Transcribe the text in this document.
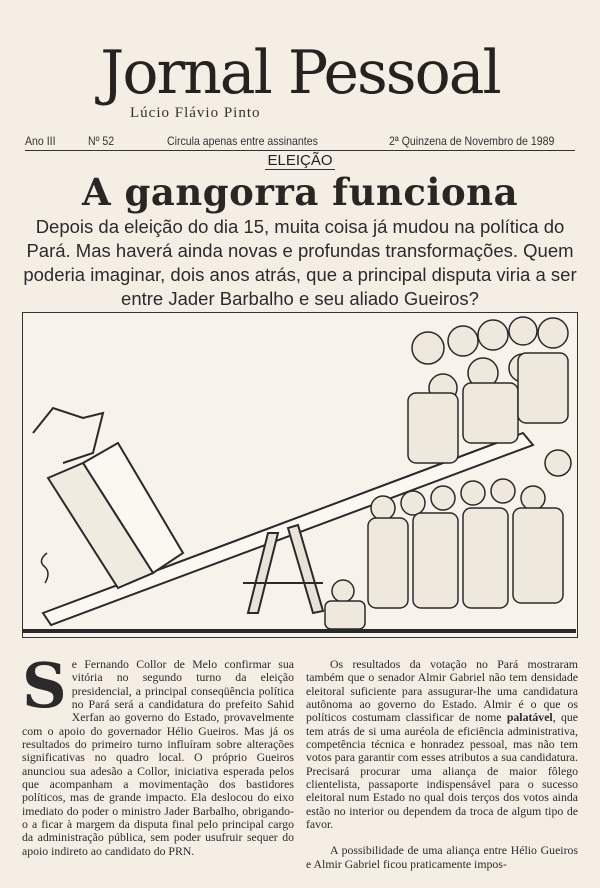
Jornal Pessoal
Lúcio Flávio Pinto
Ano III	Nº 52	Circula apenas entre assinantes	2ª Quinzena de Novembro de 1989
ELEIÇÃO
A gangorra funciona
Depois da eleição do dia 15, muita coisa já mudou na política do Pará. Mas haverá ainda novas e profundas transformações. Quem poderia imaginar, dois anos atrás, que a principal disputa viria a ser entre Jader Barbalho e seu aliado Gueiros?

Se Fernando Collor de Melo confirmar sua vitória no segundo turno da eleição presidencial, a principal conseqüência política no Pará será a candidatura do prefeito Sahid Xerfan ao governo do Estado, provavelmente com o apoio do governador Hélio Gueiros. Mas já os resultados do primeiro turno influíram sobre alterações significativas no quadro local. O próprio Gueiros anunciou sua adesão a Collor, iniciativa esperada pelos que acompanham a movimentação dos bastidores políticos, mas de grande impacto. Ela deslocou do eixo imediato do poder o ministro Jader Barbalho, obrigando-o a ficar à margem da disputa final pelo principal cargo da administração pública, sem poder usufruir sequer do apoio indireto ao candidato do PRN.

Os resultados da votação no Pará mostraram também que o senador Almir Gabriel não tem densidade eleitoral suficiente para assugurar-lhe uma candidatura autônoma ao governo do Estado. Almir é o que os políticos costumam classificar de nome palatável, que tem atrás de si uma auréola de eficiência administrativa, competência técnica e honradez pessoal, mas não tem votos para garantir com esses atributos a sua candidatura. Precisará procurar uma aliança de maior fôlego clientelista, passaporte indispensável para o sucesso eleitoral num Estado no qual dois terços dos votos ainda estão no interior ou dependem da troca de algum tipo de favor.

A possibilidade de uma aliança entre Hélio Gueiros e Almir Gabriel ficou praticamente impos-
